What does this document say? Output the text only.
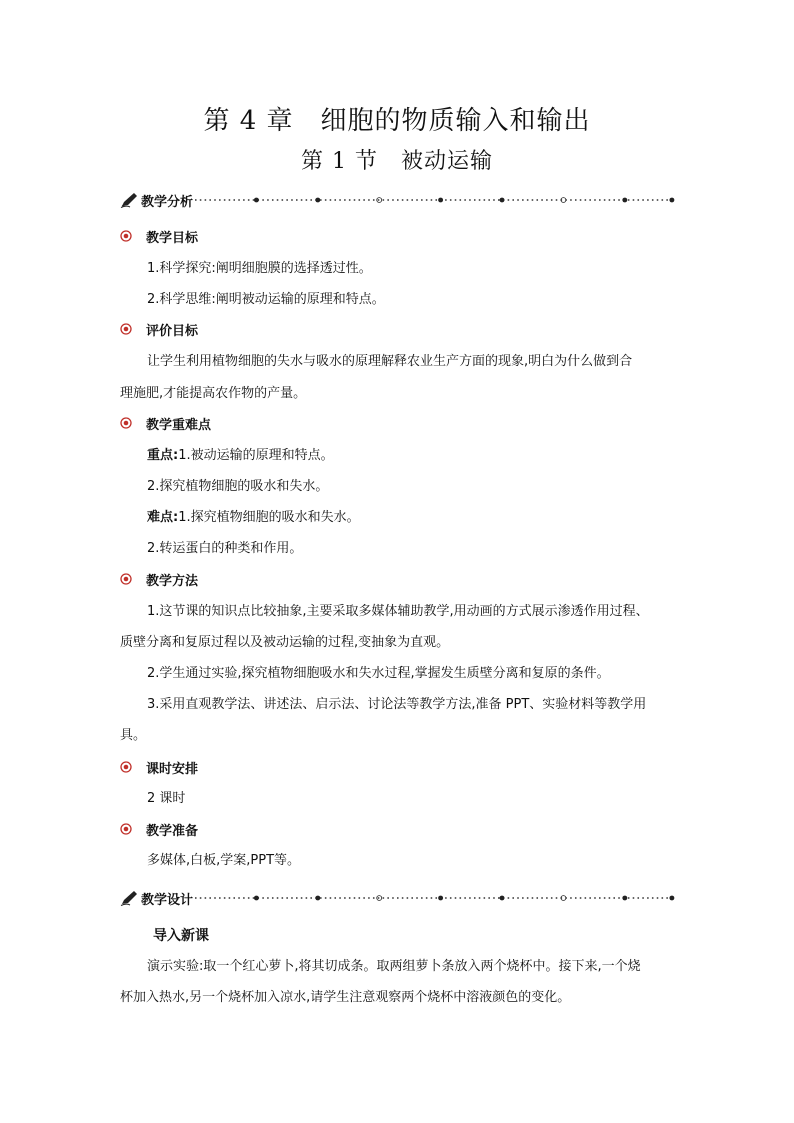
第 4 章　细胞的物质输入和输出
第 1 节　被动运输
教学分析
教学目标
1.科学探究:阐明细胞膜的选择透过性。
2.科学思维:阐明被动运输的原理和特点。
评价目标
让学生利用植物细胞的失水与吸水的原理解释农业生产方面的现象,明白为什么做到合
理施肥,才能提高农作物的产量。
教学重难点
重点:1.被动运输的原理和特点。
2.探究植物细胞的吸水和失水。
难点:1.探究植物细胞的吸水和失水。
2.转运蛋白的种类和作用。
教学方法
1.这节课的知识点比较抽象,主要采取多媒体辅助教学,用动画的方式展示渗透作用过程、
质壁分离和复原过程以及被动运输的过程,变抽象为直观。
2.学生通过实验,探究植物细胞吸水和失水过程,掌握发生质壁分离和复原的条件。
3.采用直观教学法、讲述法、启示法、讨论法等教学方法,准备 PPT、实验材料等教学用
具。
课时安排
2 课时
教学准备
多媒体,白板,学案,PPT等。
教学设计
导入新课
演示实验:取一个红心萝卜,将其切成条。取两组萝卜条放入两个烧杯中。接下来,一个烧
杯加入热水,另一个烧杯加入凉水,请学生注意观察两个烧杯中溶液颜色的变化。
